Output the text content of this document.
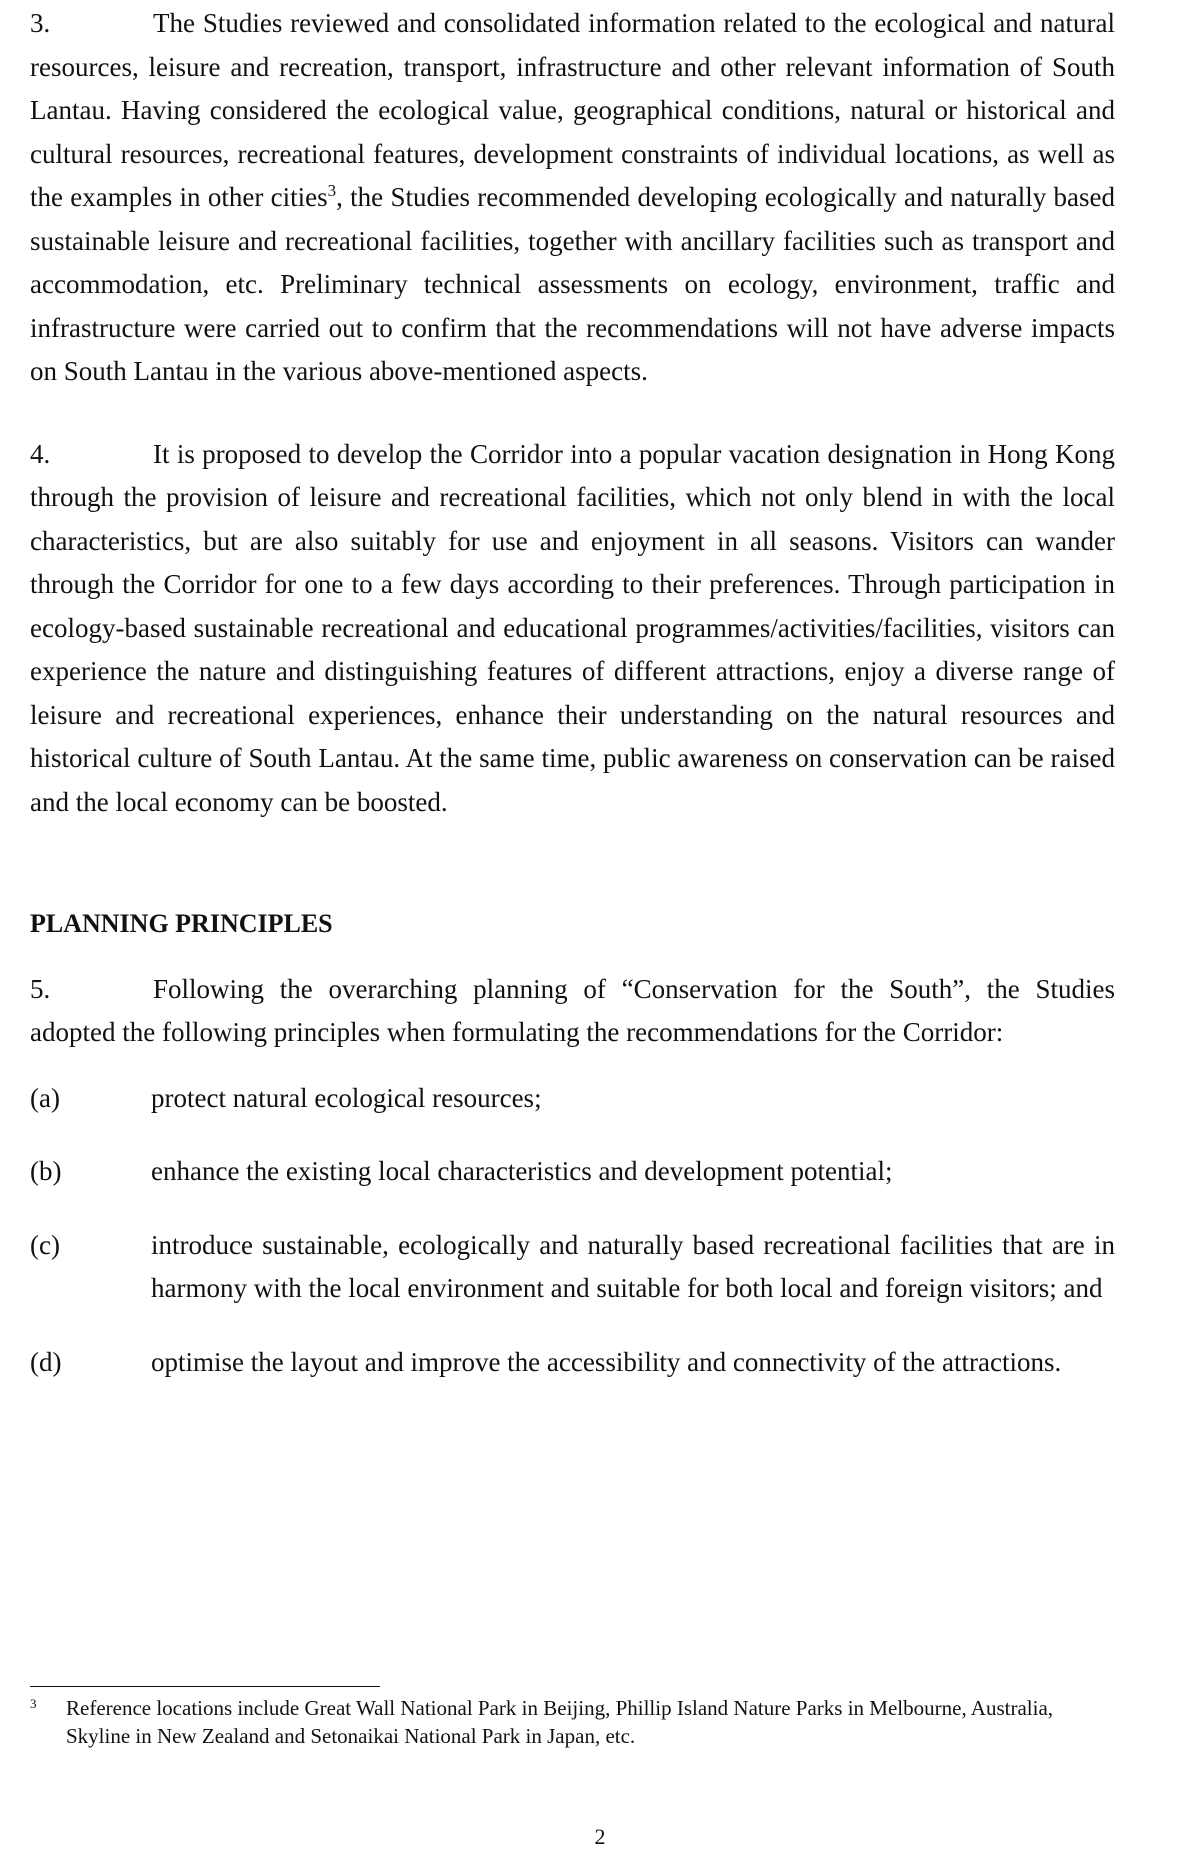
3.	The Studies reviewed and consolidated information related to the ecological and natural resources, leisure and recreation, transport, infrastructure and other relevant information of South Lantau. Having considered the ecological value, geographical conditions, natural or historical and cultural resources, recreational features, development constraints of individual locations, as well as the examples in other cities$^3$, the Studies recommended developing ecologically and naturally based sustainable leisure and recreational facilities, together with ancillary facilities such as transport and accommodation, etc. Preliminary technical assessments on ecology, environment, traffic and infrastructure were carried out to confirm that the recommendations will not have adverse impacts on South Lantau in the various above-mentioned aspects.

4.	It is proposed to develop the Corridor into a popular vacation designation in Hong Kong through the provision of leisure and recreational facilities, which not only blend in with the local characteristics, but are also suitably for use and enjoyment in all seasons. Visitors can wander through the Corridor for one to a few days according to their preferences. Through participation in ecology-based sustainable recreational and educational programmes/activities/facilities, visitors can experience the nature and distinguishing features of different attractions, enjoy a diverse range of leisure and recreational experiences, enhance their understanding on the natural resources and historical culture of South Lantau. At the same time, public awareness on conservation can be raised and the local economy can be boosted.

PLANNING PRINCIPLES

5.	Following the overarching planning of “Conservation for the South”, the Studies adopted the following principles when formulating the recommendations for the Corridor:

(a)	protect natural ecological resources;
(b)	enhance the existing local characteristics and development potential;
(c)	introduce sustainable, ecologically and naturally based recreational facilities that are in harmony with the local environment and suitable for both local and foreign visitors; and
(d)	optimise the layout and improve the accessibility and connectivity of the attractions.
3	Reference locations include Great Wall National Park in Beijing, Phillip Island Nature Parks in Melbourne, Australia, Skyline in New Zealand and Setonaikai National Park in Japan, etc.
2
